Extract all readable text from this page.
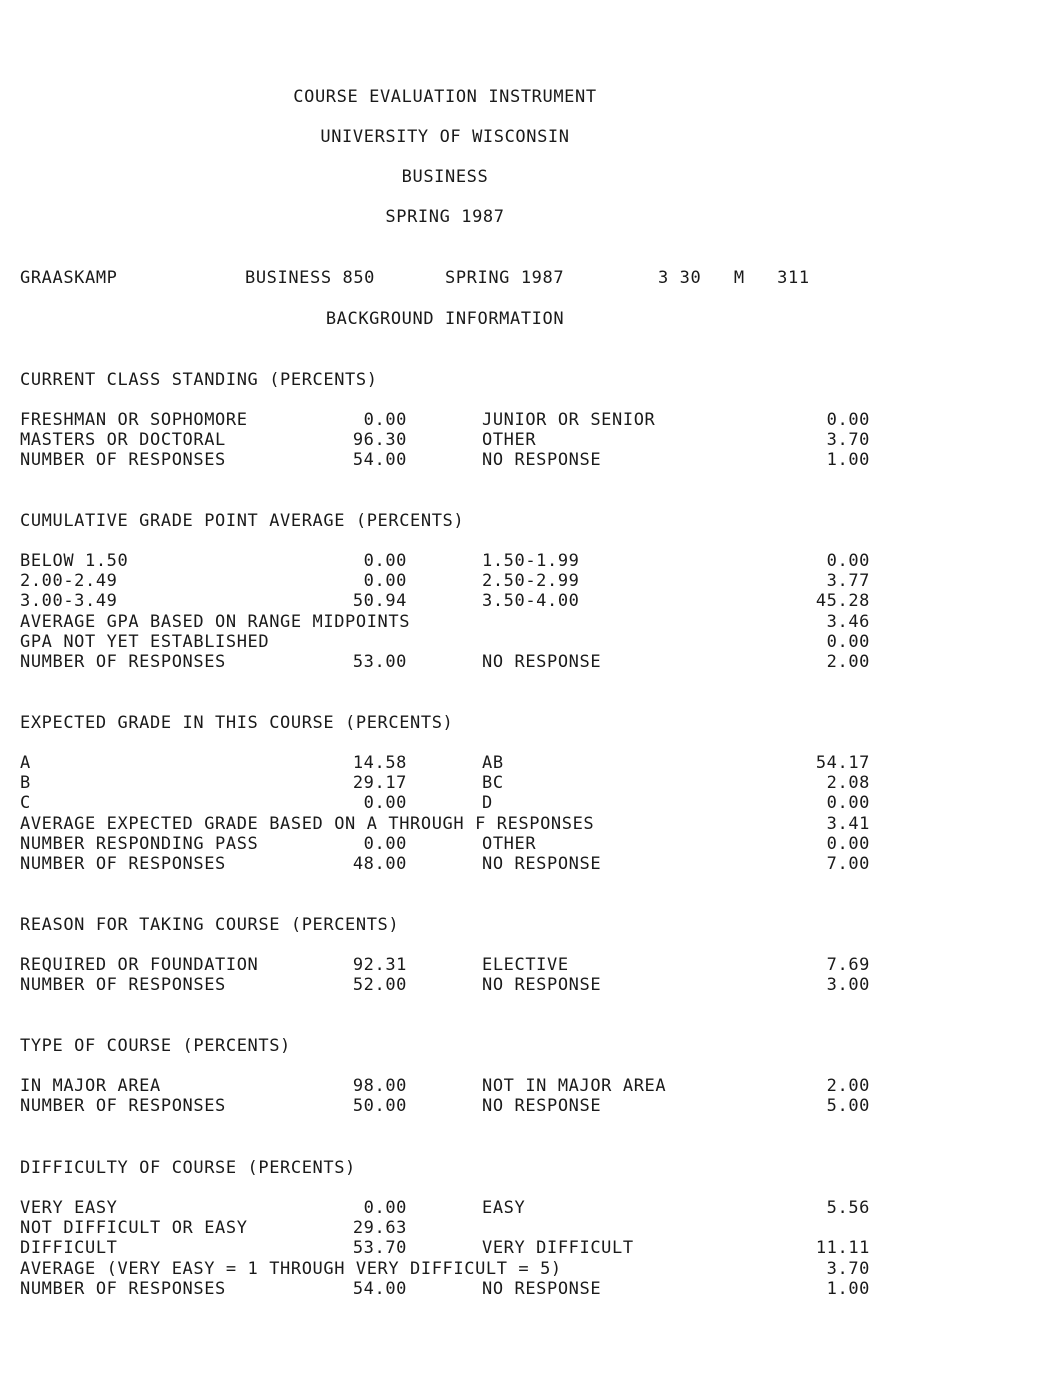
COURSE EVALUATION INSTRUMENT
UNIVERSITY OF WISCONSIN
BUSINESS
SPRING 1987
GRAASKAMP	BUSINESS 850	SPRING 1987	3 30   M   311
BACKGROUND INFORMATION
CURRENT CLASS STANDING (PERCENTS)
FRESHMAN OR SOPHOMORE	0.00	JUNIOR OR SENIOR	0.00
MASTERS OR DOCTORAL	96.30	OTHER	3.70
NUMBER OF RESPONSES	54.00	NO RESPONSE	1.00
CUMULATIVE GRADE POINT AVERAGE (PERCENTS)
BELOW 1.50	0.00	1.50-1.99	0.00
2.00-2.49	0.00	2.50-2.99	3.77
3.00-3.49	50.94	3.50-4.00	45.28
AVERAGE GPA BASED ON RANGE MIDPOINTS	3.46
GPA NOT YET ESTABLISHED	0.00
NUMBER OF RESPONSES	53.00	NO RESPONSE	2.00
EXPECTED GRADE IN THIS COURSE (PERCENTS)
A	14.58	AB	54.17
B	29.17	BC	2.08
C	0.00	D	0.00
AVERAGE EXPECTED GRADE BASED ON A THROUGH F RESPONSES	3.41
NUMBER RESPONDING PASS	0.00	OTHER	0.00
NUMBER OF RESPONSES	48.00	NO RESPONSE	7.00
REASON FOR TAKING COURSE (PERCENTS)
REQUIRED OR FOUNDATION	92.31	ELECTIVE	7.69
NUMBER OF RESPONSES	52.00	NO RESPONSE	3.00
TYPE OF COURSE (PERCENTS)
IN MAJOR AREA	98.00	NOT IN MAJOR AREA	2.00
NUMBER OF RESPONSES	50.00	NO RESPONSE	5.00
DIFFICULTY OF COURSE (PERCENTS)
VERY EASY	0.00	EASY	5.56
NOT DIFFICULT OR EASY	29.63
DIFFICULT	53.70	VERY DIFFICULT	11.11
AVERAGE (VERY EASY = 1 THROUGH VERY DIFFICULT = 5)	3.70
NUMBER OF RESPONSES	54.00	NO RESPONSE	1.00
